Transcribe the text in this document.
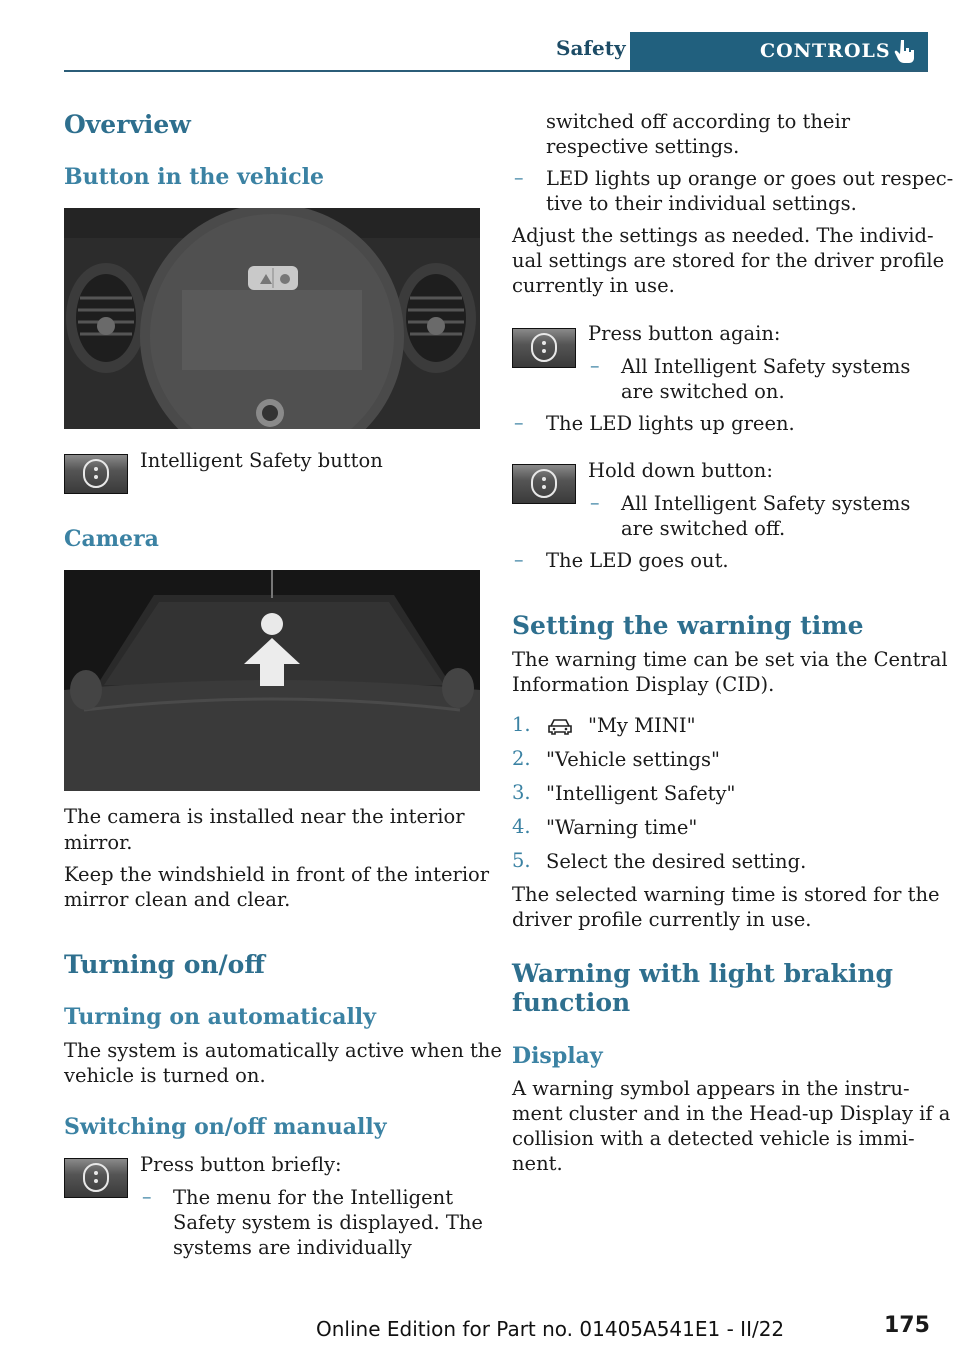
Safety	CONTROLS
Overview
Button in the vehicle
Intelligent Safety button
Camera
The camera is installed near the interior
mirror.
Keep the windshield in front of the interior
mirror clean and clear.
Turning on/off
Turning on automatically
The system is automatically active when the
vehicle is turned on.
Switching on/off manually
Press button briefly:
– The menu for the Intelligent
Safety system is displayed. The
systems are individually
switched off according to their
respective settings.
– LED lights up orange or goes out respec-
tive to their individual settings.
Adjust the settings as needed. The individ-
ual settings are stored for the driver profile
currently in use.
Press button again:
– All Intelligent Safety systems
are switched on.
– The LED lights up green.
Hold down button:
– All Intelligent Safety systems
are switched off.
– The LED goes out.
Setting the warning time
The warning time can be set via the Central
Information Display (CID).
1.	"My MINI"
2. "Vehicle settings"
3. "Intelligent Safety"
4. "Warning time"
5. Select the desired setting.
The selected warning time is stored for the
driver profile currently in use.
Warning with light braking
function
Display
A warning symbol appears in the instru-
ment cluster and in the Head-up Display if a
collision with a detected vehicle is immi-
nent.
175
Online Edition for Part no. 01405A541E1 - II/22
